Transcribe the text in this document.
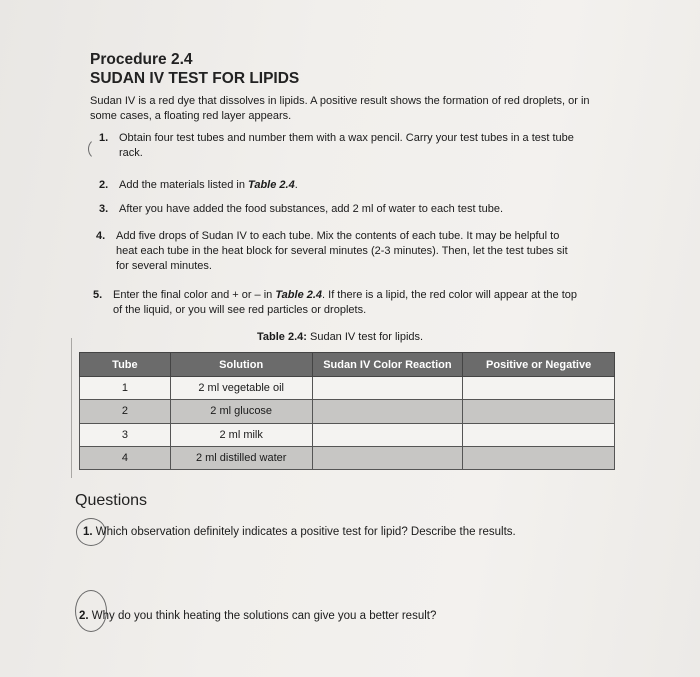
Procedure 2.4
SUDAN IV TEST FOR LIPIDS
Sudan IV is a red dye that dissolves in lipids. A positive result shows the formation of red droplets, or in some cases, a floating red layer appears.
1. Obtain four test tubes and number them with a wax pencil. Carry your test tubes in a test tube
rack.
2. Add the materials listed in Table 2.4.
3. After you have added the food substances, add 2 ml of water to each test tube.
4. Add five drops of Sudan IV to each tube. Mix the contents of each tube. It may be helpful to
heat each tube in the heat block for several minutes (2-3 minutes). Then, let the test tubes sit
for several minutes.
5. Enter the final color and + or – in Table 2.4. If there is a lipid, the red color will appear at the top
of the liquid, or you will see red particles or droplets.
Table 2.4: Sudan IV test for lipids.
Tube	Solution	Sudan IV Color Reaction	Positive or Negative
1	2 ml vegetable oil		
2	2 ml glucose		
3	2 ml milk		
4	2 ml distilled water		
Questions
1. Which observation definitely indicates a positive test for lipid? Describe the results.
2. Why do you think heating the solutions can give you a better result?
